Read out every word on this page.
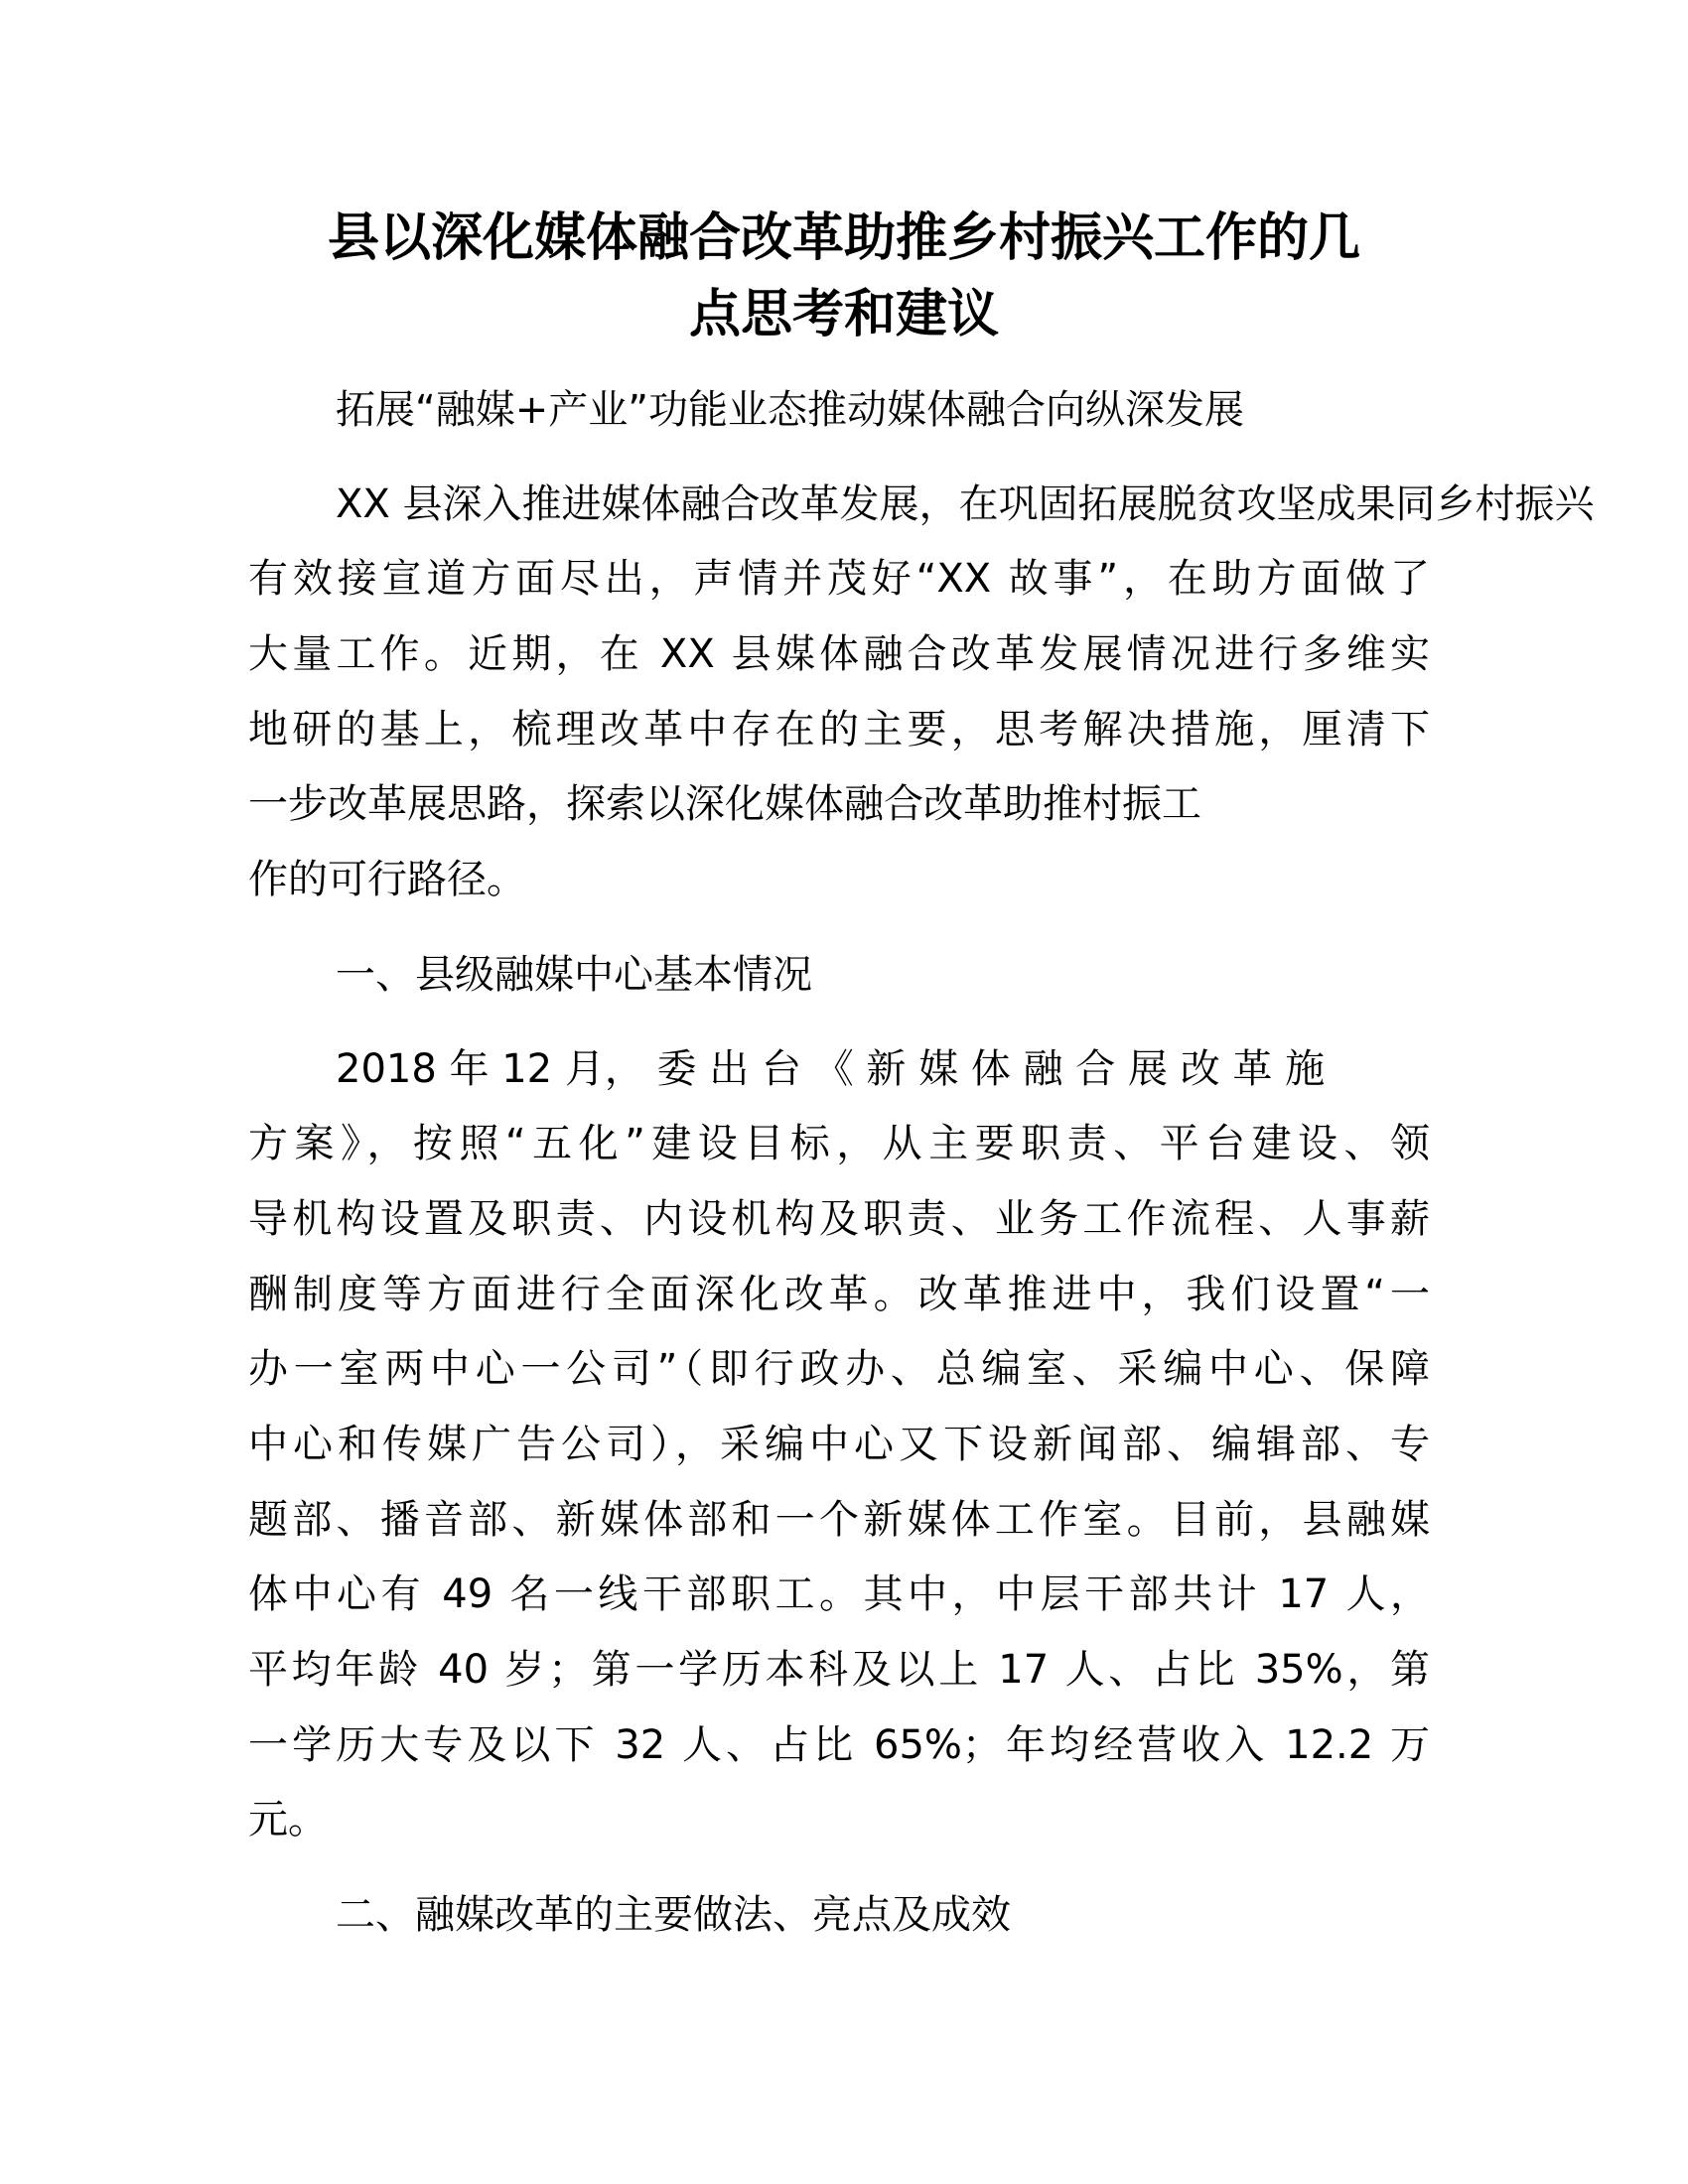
县以深化媒体融合改革助推乡村振兴工作的几
点思考和建议

拓展“融媒+产业”功能业态推动媒体融合向纵深发展

XX 县深入推进媒体融合改革发展，在巩固拓展脱贫攻坚成果同乡村振兴

有效接宣道方面尽出，声情并茂好“XX 故事”，在助方面做了

大量工作。近期，在 XX 县媒体融合改革发展情况进行多维实

地研的基上，梳理改革中存在的主要，思考解决措施，厘清下

一步改革展思路，探索以深化媒体融合改革助推村振工

作的可行路径。

一、县级融媒中心基本情况

2018 年 12 月， 委 出 台 《 新 媒 体 融 合 展 改 革 施

方案》，按照“五化”建设目标，从主要职责、平台建设、领

导机构设置及职责、内设机构及职责、业务工作流程、人事薪

酬制度等方面进行全面深化改革。改革推进中，我们设置“一

办一室两中心一公司”（即行政办、总编室、采编中心、保障

中心和传媒广告公司），采编中心又下设新闻部、编辑部、专

题部、播音部、新媒体部和一个新媒体工作室。目前，县融媒

体中心有 49 名一线干部职工。其中，中层干部共计 17 人，

平均年龄 40 岁；第一学历本科及以上 17 人、占比 35%，第

一学历大专及以下 32 人、占比 65%；年均经营收入 12.2 万

元。

二、融媒改革的主要做法、亮点及成效
